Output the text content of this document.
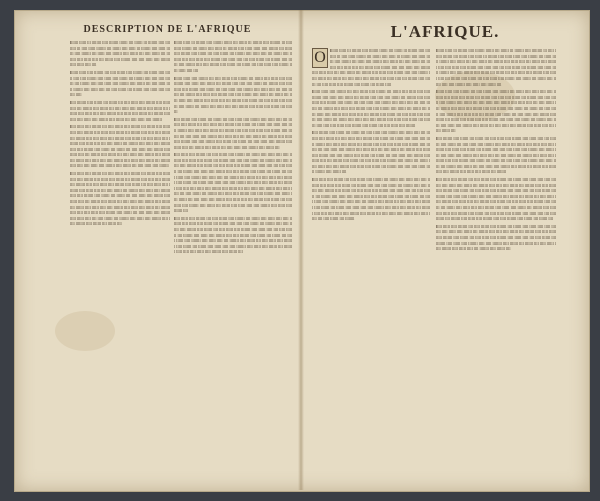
DESCRIPTION DE L'AFRIQUE

lllllll llllll lll llllllll lllll llllllll lllllll llll lllllll lll llllllll lllll lllllllll lll lllll llllll llllllll llll lllllll lllll llllll lll llllllll lllll llllll llllll lllll llllllll llll llllll lllll llllllll lllll lllllll llll lllll lllllll llll llllllll lllll llllll lllll llll lllllll lllll llllllll lllll lllll llllll lllll llllllll lllll llllll lllll llll

lllllll llllll lllll llllllll llll lllll lllllll lllll llllllll llll lllllll lllll llllll lllll lllll llllllll lllll llllll lllll lllllll llll llllllll lllll lllll lllll lllllll llll llllllll lllll lllll llllll lllll llllllll lllll lllllll llll lllll llllll lllll llllllll lllll llllll lllll llll lllll lllllll llll llllllll lllll llllll lllll llllllll lllll

lllll llllllll lllll lllllll llll lllllll llll lllll llllll lllll llllllll lllll llllll lllll llll llllllll lllll lllllll llll lllll llllll lllll llllllll lllll lllllll llll lllllll lllll llllll lllll lllll llllllll lllll llllll lllll lllllll llll llllllll lllll lllll lllll llllll lllll llllllll lllll lllllll llll lllll llllll lllll llllllll

lllll llllll lllll llllllll llll lllll lllllll lllll llllllll llll lllllll lllll llllll lllll lllll llllllll lllll llllll lllll lllllll llll llllllll lllll lllll lllll lllllll llll llllllll lllll lllll llllll lllll llllllll lllll lllllll llll lllll llllll lllll llllllll lllll llllll lllll llll lllll lllllll llll llllllll lllll llllll lllll llllllll lllll lllll llllllll lllll lllllll llll lllllll llll lllll llllll lllll llllllll lllll llllll lllll llll llllllll lllll lllllll llll lllll llllll lllll llllllll lllll lllllll llll lllllll lllll llllll lllll lllll llllllll lllll llllll lllll lllllll llll llllllll lllll lllll lllll llllll lllll llllllll lllll lllllll llll lllll llllll lllll llllllll

lllll llllll lllll llllllll llll lllll lllllll lllll llllllll llll lllllll lllll llllll lllll lllll llllllll lllll llllll lllll lllllll llll llllllll lllll lllll lllll lllllll llll llllllll lllll lllll llllll lllll llllllll lllll lllllll llll lllll llllll lllll llllllll lllll llllll lllll llll lllll lllllll llll llllllll lllll llllll lllll llllllll lllll lllll llllllll lllll lllllll llll lllllll llll lllll llllll lllll llllllll lllll llllll lllll llll llllllll lllll lllllll llll lllll llllll lllll llllllll lllll lllllll llll lllllll lllll llllll lllll lllll llllllll lllll llllll lllll lllllll llll llllllll lllll lllll lllll llllll lllll llllllll lllll lllllll llll lllll llllll lllll llllllll lllll llllll lllll llll lllll lllllll llll llllllll lllll llllll lllll llllllll lllll lllll llllllll lllll lllllll llll lllllll llll

lllllll llllll lll llllllll lllll llllllll lllllll llll lllllll lll llllllll lllll lllllllll lll lllll llllll llllllll llll lllllll lllll llllll lll llllllll lllll llllll llllll lllll llllllll llll llllll lllll llllllll lllll lllllll llll lllll lllllll llll llllllll lllll llllll lllll llll lllllll lllll llllllll lllll lllll llllll lllll llllllll lllll llllll lllll llll lllll lllllll llll llllllll lllll llllll lllll llllllll lllll lllll llllllll lllll lllllll llll lllllll llll lllll llllll lllll llllllll lllll llllll lllll llll

lllllll llllll lllll llllllll llll lllll lllllll lllll llllllll llll lllllll lllll llllll lllll lllll llllllll lllll llllll lllll lllllll llll llllllll lllll lllll lllll lllllll llll llllllll lllll lllll llllll lllll llllllll lllll lllllll llll lllll llllll lllll llllllll lllll llllll lllll llll lllll lllllll llll llllllll lllll llllll lllll llllllll lllll lllll llllllll lllll lllllll llll lllllll llll lllll llllll lllll llllllll lllll llllll lllll llll llllllll lllll lllllll llll lllll llllll lllll llllllll lllll lllllll llll lllllll lllll llllll lllll lllll llllllll lllll llllll lllll lllllll llll llllllll

lllll llllllll lllll lllllll llll lllllll llll lllll llllll lllll llllllll lllll llllll lllll llll llllllll lllll lllllll llll lllll llllll lllll llllllll lllll lllllll llll lllllll lllll llllll lllll lllll llllllll lllll llllll lllll lllllll llll llllllll lllll lllll lllll llllll lllll llllllll lllll lllllll llll lllll llllll lllll llllllll lllll llllll lllll llll lllll lllllll llll llllllll lllll llllll lllll llllllll lllll lllll llllllll lllll lllllll llll lllllll llll lllll llllll lllll llllllll lllll llllll lllll llll llllllll lllll lllllll llll lllll llllll lllll llllllll lllll lllllll llll

lllll llllll lllll llllllll llll lllll lllllll lllll llllllll llll lllllll lllll llllll lllll lllll llllllll lllll llllll lllll lllllll llll llllllll lllll lllll lllll lllllll llll llllllll lllll lllll llllll lllll llllllll lllll lllllll llll lllll llllll lllll llllllll lllll llllll lllll llll lllll lllllll llll llllllll lllll llllll lllll llllllll lllll lllll llllllll lllll lllllll llll lllllll llll lllll llllll lllll llllllll lllll llllll lllll llll llllllll lllll lllllll llll lllll llllll lllll llllllll lllll lllllll llll lllllll lllll llllll lllll lllll llllllll lllll llllll lllll lllllll llll llllllll lllll lllll lllll llllll lllll llllllll lllll lllllll llll lllll llllll lllll llllllll lllll llllll lllll llll lllll lllllll llll llllllll lllll llllll lllll llllllll lllll lllll llllllll lllll lllllll llll lllllll llll lllll llllll lllll llllllll lllll llllll lllll llll llllllll lllll lllllll llll lllll llllll lllll llllllll lllll lllllll llll lllllll lllll llllll lllll lllll llllllll lllll llllll lllll lllllll llll

lllll llllll lllll llllllll llll lllll lllllll lllll llllllll llll lllllll lllll llllll lllll lllll llllllll lllll llllll lllll lllllll llll llllllll lllll lllll lllll lllllll llll llllllll lllll lllll llllll lllll llllllll lllll lllllll llll lllll llllll lllll llllllll lllll llllll lllll llll lllll lllllll llll llllllll lllll llllll lllll llllllll lllll lllll llllllll lllll lllllll llll lllllll llll lllll llllll lllll llllllll lllll llllll lllll llll llllllll lllll lllllll llll lllll llllll lllll llllllll lllll lllllll llll lllllll lllll llllll lllll lllll llllllll lllll llllll lllll lllllll llll llllllll lllll lllll lllll llllll lllll llllllll lllll lllllll llll

L'AFRIQUE.
O	lllllll llllll lll llllllll lllll llllllll lllllll llll lllllll lll llllllll lllll lllllllll lll lllll llllll llllllll llll lllllll lllll llllll lll llllllll lllll llllll llllll lllll llllllll llll llllll lllll llllllll lllll lllllll llll lllll lllllll llll llllllll lllll llllll lllll llll lllllll lllll llllllll lllll lllll llllll lllll llllllll lllll llllll lllll llll lllll lllllll llll llllllll lllll llllll lllll llllllll lllll lllll llllllll lllll lllllll llll lllllll llll lllll llllll lllll llllllll lllll llllll lllll llll llllllll lllll lllllll llll lllll llllll lllll llllllll lllll lllllll llll lllllll lllll

lllllll llllll lllll llllllll llll lllll lllllll lllll llllllll llll lllllll lllll llllll lllll lllll llllllll lllll llllll lllll lllllll llll llllllll lllll lllll lllll lllllll llll llllllll lllll lllll llllll lllll llllllll lllll lllllll llll lllll llllll lllll llllllll lllll llllll lllll llll lllll lllllll llll llllllll lllll llllll lllll llllllll lllll lllll llllllll lllll lllllll llll lllllll llll lllll llllll lllll llllllll lllll llllll lllll llll llllllll lllll lllllll llll lllll llllll lllll llllllll lllll lllllll llll lllllll lllll llllll lllll lllll llllllll lllll llllll lllll lllllll llll llllllll lllll lllll lllll llllll lllll llllllll lllll lllllll llll lllll llllll lllll llllllll

lllll llllllll lllll lllllll llll lllllll llll lllll llllll lllll llllllll lllll llllll lllll llll llllllll lllll lllllll llll lllll llllll lllll llllllll lllll lllllll llll lllllll lllll llllll lllll lllll llllllll lllll llllll lllll lllllll llll llllllll lllll lllll lllll llllll lllll llllllll lllll lllllll llll lllll llllll lllll llllllll lllll llllll lllll llll lllll lllllll llll llllllll lllll llllll lllll llllllll lllll lllll llllllll lllll lllllll llll lllllll llll lllll llllll lllll llllllll lllll llllll lllll llll llllllll lllll lllllll llll lllll llllll lllll llllllll lllll lllllll llll lllllll lllll llllll lllll lllll llllllll lllll llllll lllll lllllll llll llllllll lllll lllll lllll llllll lllll llllllll lllll lllllll llll

lllll llllll lllll llllllll llll lllll lllllll lllll llllllll llll lllllll lllll llllll lllll lllll llllllll lllll llllll lllll lllllll llll llllllll lllll lllll lllll lllllll llll llllllll lllll lllll llllll lllll llllllll lllll lllllll llll lllll llllll lllll llllllll lllll llllll lllll llll lllll lllllll llll llllllll lllll llllll lllll llllllll lllll lllll llllllll lllll lllllll llll lllllll llll lllll llllll lllll llllllll lllll llllll lllll llll llllllll lllll lllllll llll lllll llllll lllll llllllll lllll lllllll llll lllllll lllll llllll lllll lllll llllllll lllll llllll lllll lllllll llll llllllll lllll lllll lllll llllll lllll llllllll lllll lllllll llll lllll llllll lllll llllllll lllll llllll lllll llll lllll lllllll llll llllllll

lllllll llllll lll llllllll lllll llllllll lllllll llll lllllll lll llllllll lllll lllllllll lll lllll llllll llllllll llll lllllll lllll llllll lll llllllll lllll llllll llllll lllll llllllll llll llllll lllll llllllll lllll lllllll llll lllll lllllll llll llllllll lllll llllll lllll llll lllllll lllll llllllll lllll lllll llllll lllll llllllll lllll llllll lllll llll lllll lllllll llll llllllll lllll llllll lllll llllllll lllll lllll llllllll lllll lllllll llll lllllll llll lllll llllll lllll llllllll lllll llllll lllll llll llllllll lllll lllllll llll lllll llllll lllll llllllll lllll lllllll llll lllllll lllll llllll lllll lllll llllllll lllll llllll lllll lllllll llll

lllllll llllll lllll llllllll llll lllll lllllll lllll llllllll llll lllllll lllll llllll lllll lllll llllllll lllll llllll lllll lllllll llll llllllll lllll lllll lllll lllllll llll llllllll lllll lllll llllll lllll llllllll lllll lllllll llll lllll llllll lllll llllllll lllll llllll lllll llll lllll lllllll llll llllllll lllll llllll lllll llllllll lllll lllll llllllll lllll lllllll llll lllllll llll lllll llllll lllll llllllll lllll llllll lllll llll llllllll lllll lllllll llll lllll llllll lllll llllllll lllll lllllll llll lllllll lllll llllll lllll lllll llllllll lllll llllll lllll lllllll llll llllllll lllll lllll lllll llllll lllll llllllll lllll lllllll llll lllll llllll lllll llllllll lllll llllll lllll llll lllll lllllll llll

lllll llllllll lllll lllllll llll lllllll llll lllll llllll lllll llllllll lllll llllll lllll llll llllllll lllll lllllll llll lllll llllll lllll llllllll lllll lllllll llll lllllll lllll llllll lllll lllll llllllll lllll llllll lllll lllllll llll llllllll lllll lllll lllll llllll lllll llllllll lllll lllllll llll lllll llllll lllll llllllll lllll llllll lllll llll lllll lllllll llll llllllll lllll llllll lllll llllllll lllll lllll llllllll lllll lllllll llll lllllll llll lllll llllll lllll llllllll lllll llllll lllll llll llllllll lllll lllllll llll lllll llllll lllll llllllll lllll lllllll llll lllllll lllll llllll lllll lllll llllllll lllll llllll lllll lllllll llll llllllll

lllll llllll lllll llllllll llll lllll lllllll lllll llllllll llll lllllll lllll llllll lllll lllll llllllll lllll llllll lllll lllllll llll llllllll lllll lllll lllll lllllll llll llllllll lllll lllll llllll lllll llllllll lllll lllllll llll lllll llllll lllll llllllll lllll llllll lllll llll lllll lllllll llll llllllll lllll llllll lllll llllllll lllll lllll llllllll lllll lllllll llll lllllll llll lllll llllll lllll llllllll lllll llllll lllll llll llllllll lllll lllllll llll lllll llllll lllll llllllll lllll lllllll llll lllllll lllll llllll lllll lllll llllllll lllll llllll lllll lllllll llll llllllll lllll lllll lllll llllll lllll llllllll lllll lllllll llll lllll llllll lllll llllllll lllll llllll lllll llll lllll lllllll llll llllllll lllll llllll lllll llllllll lllll lllll llllllll lllll lllllll llll lllllll llll

lllll llllll lllll llllllll llll lllll lllllll lllll llllllll llll lllllll lllll llllll lllll lllll llllllll lllll llllll lllll lllllll llll llllllll lllll lllll lllll lllllll llll llllllll lllll lllll llllll lllll llllllll lllll lllllll llll lllll llllll lllll llllllll lllll llllll lllll llll lllll lllllll llll llllllll lllll llllll lllll llllllll lllll lllll llllllll lllll lllllll llll lllllll llll lllll llllll lllll llllllll lllll llllll lllll llll llllllll lllll lllllll llll
